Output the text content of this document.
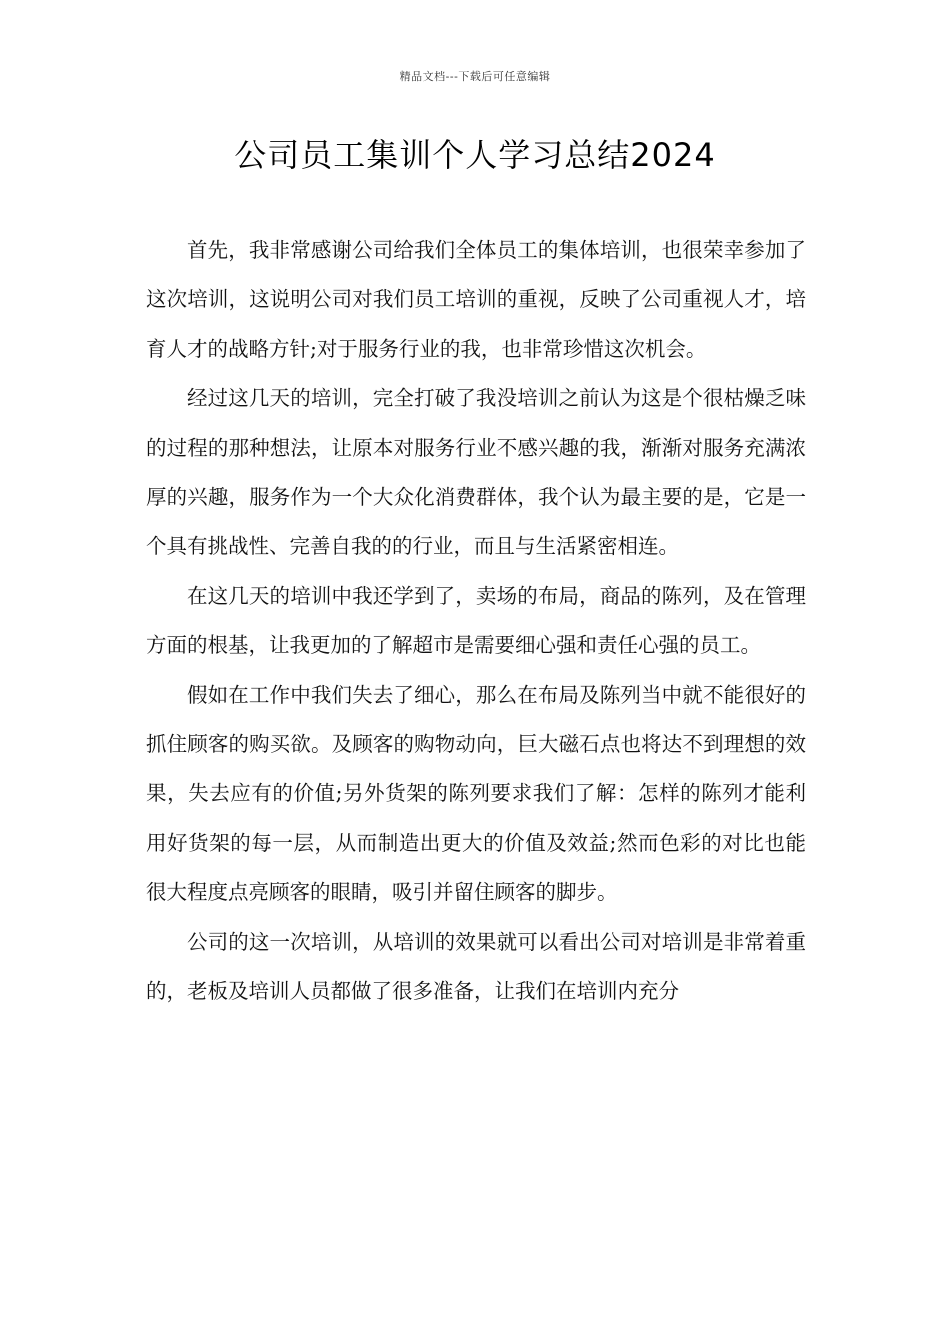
精品文档---下载后可任意编辑
公司员工集训个人学习总结2024

首先，我非常感谢公司给我们全体员工的集体培训，也很荣幸参加了这次培训，这说明公司对我们员工培训的重视，反映了公司重视人才，培育人才的战略方针;对于服务行业的我，也非常珍惜这次机会。

经过这几天的培训，完全打破了我没培训之前认为这是个很枯燥乏味的过程的那种想法，让原本对服务行业不感兴趣的我，渐渐对服务充满浓厚的兴趣，服务作为一个大众化消费群体，我个认为最主要的是，它是一个具有挑战性、完善自我的的行业，而且与生活紧密相连。

在这几天的培训中我还学到了，卖场的布局，商品的陈列，及在管理方面的根基，让我更加的了解超市是需要细心强和责任心强的员工。

假如在工作中我们失去了细心，那么在布局及陈列当中就不能很好的抓住顾客的购买欲。及顾客的购物动向，巨大磁石点也将达不到理想的效果，失去应有的价值;另外货架的陈列要求我们了解：怎样的陈列才能利用好货架的每一层，从而制造出更大的价值及效益;然而色彩的对比也能很大程度点亮顾客的眼睛，吸引并留住顾客的脚步。

公司的这一次培训，从培训的效果就可以看出公司对培训是非常着重的，老板及培训人员都做了很多准备，让我们在培训内充分
